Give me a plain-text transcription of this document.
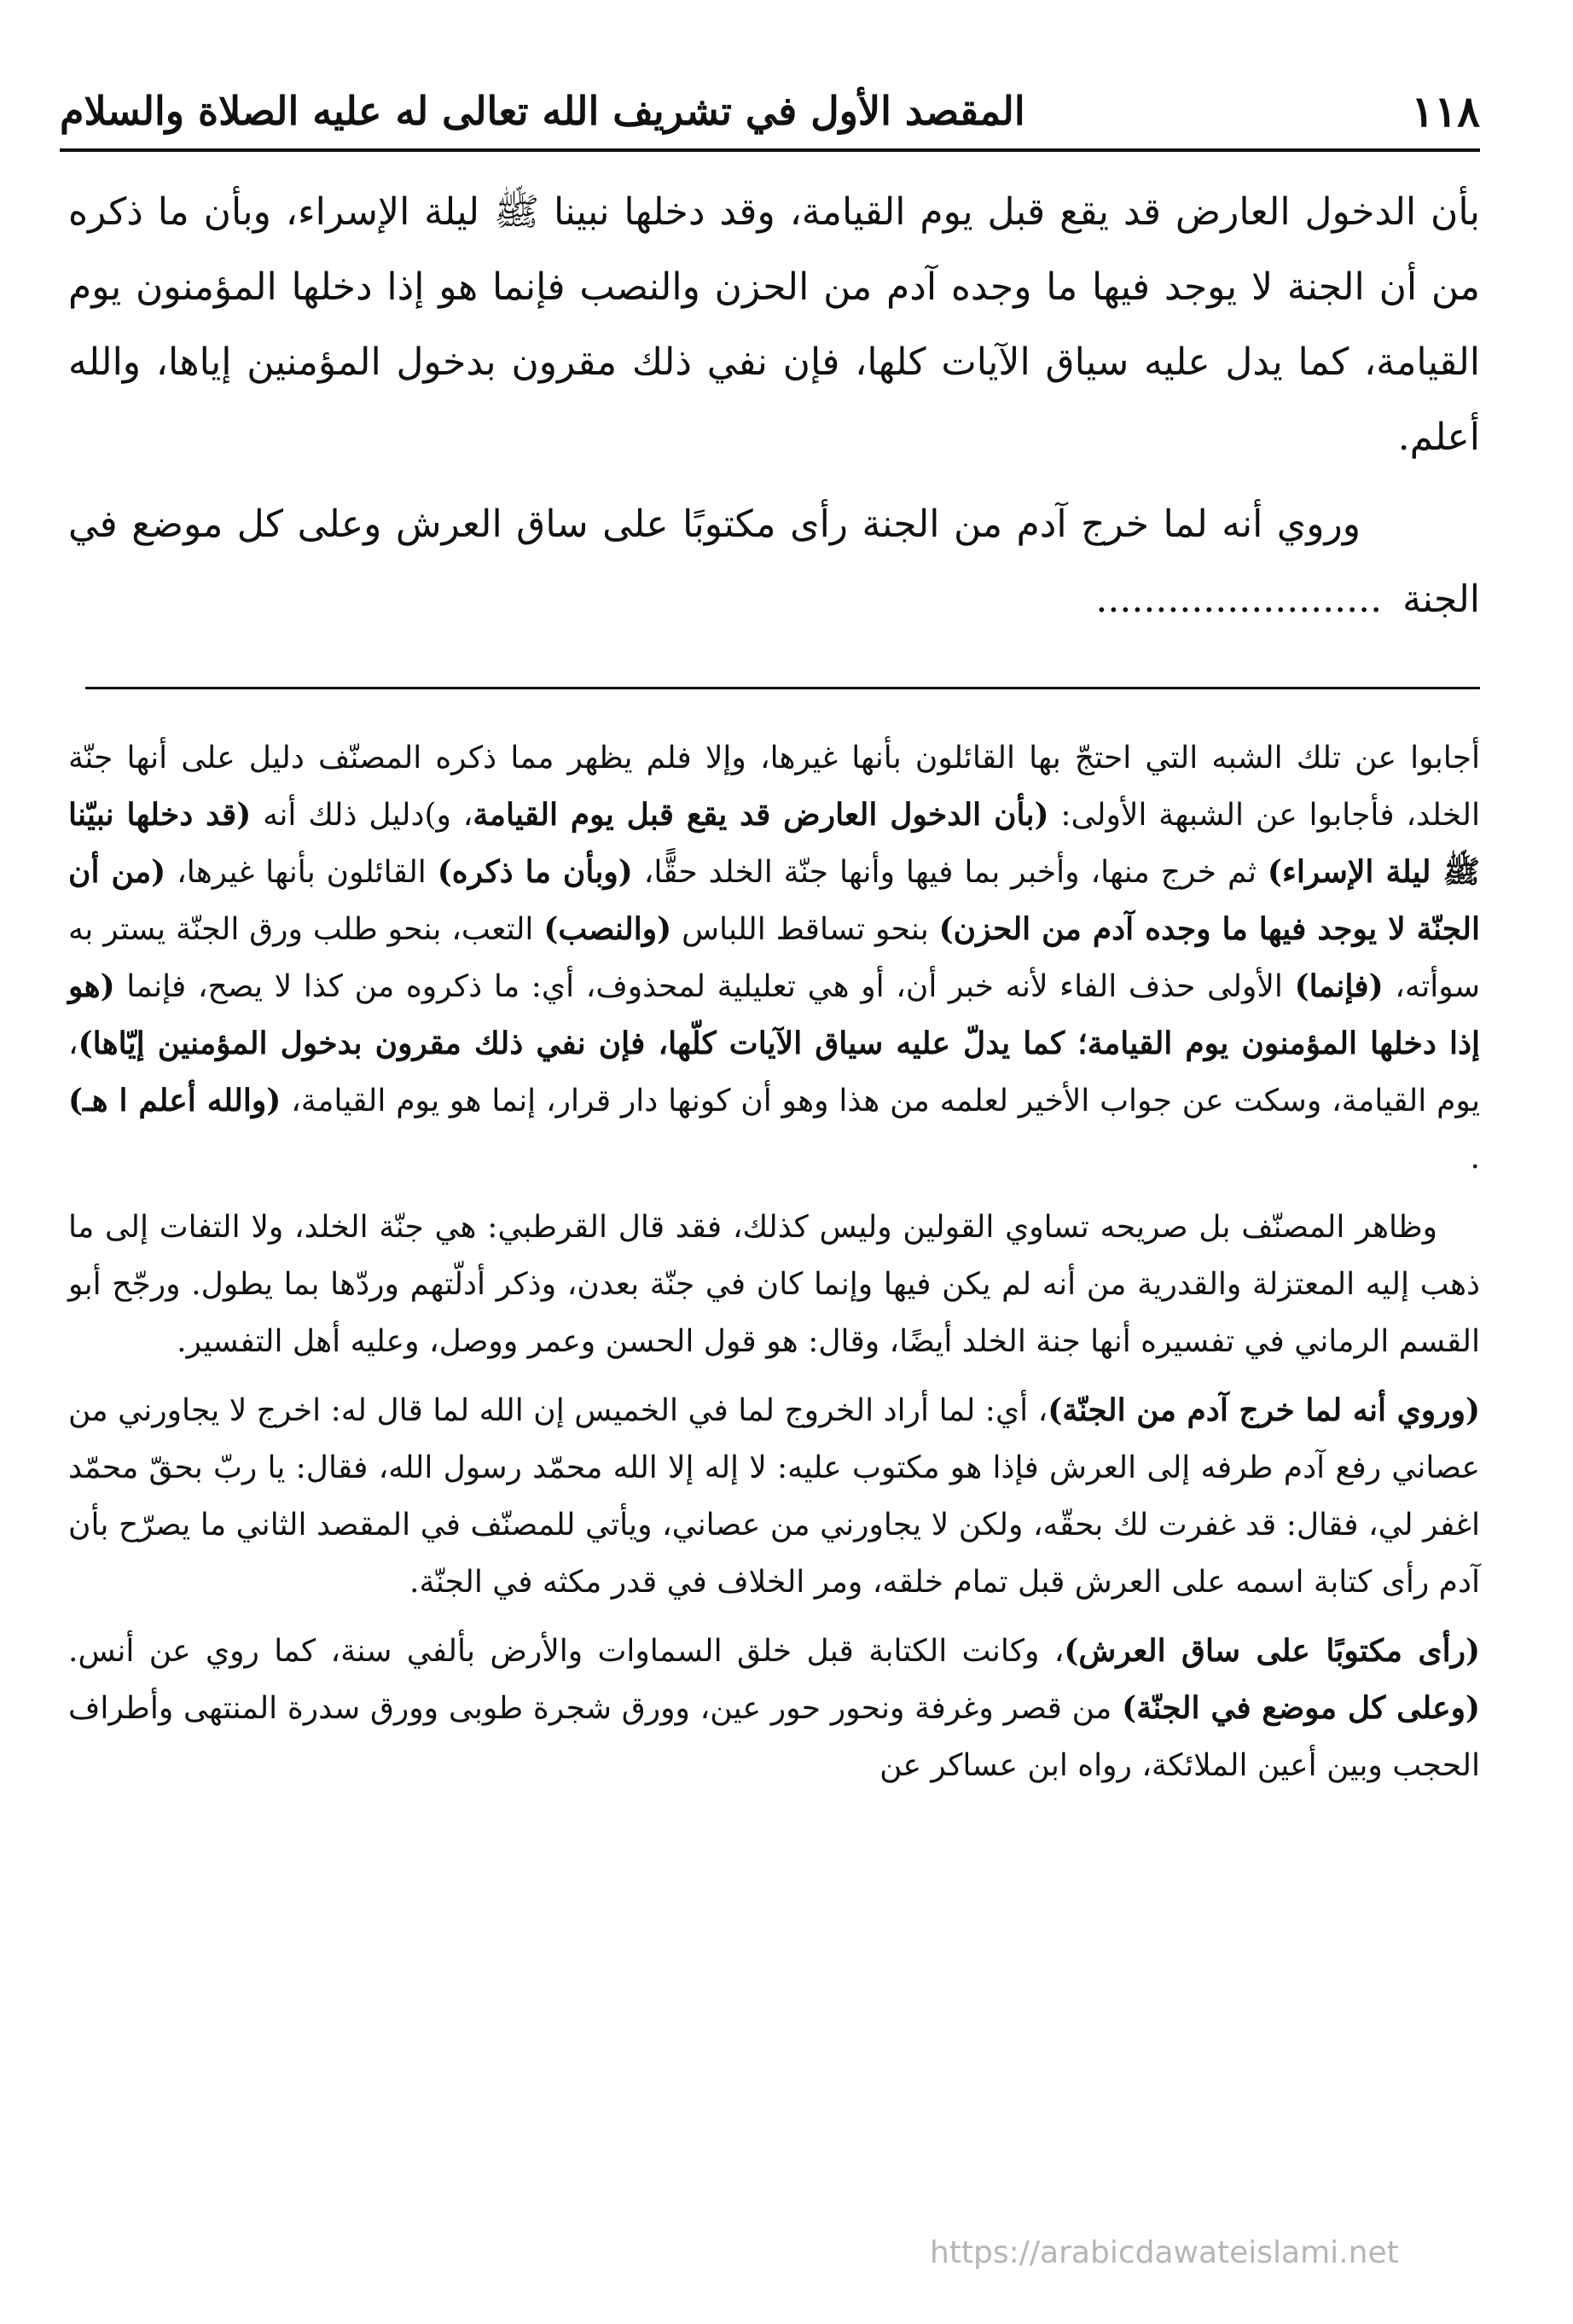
١١٨
المقصد الأول في تشريف الله تعالى له عليه الصلاة والسلام

بأن الدخول العارض قد يقع قبل يوم القيامة، وقد دخلها نبينا ﷺ ليلة الإسراء، وبأن ما ذكره من أن الجنة لا يوجد فيها ما وجده آدم من الحزن والنصب فإنما هو إذا دخلها المؤمنون يوم القيامة، كما يدل عليه سياق الآيات كلها، فإن نفي ذلك مقرون بدخول المؤمنين إياها، والله أعلم.

وروي أنه لما خرج آدم من الجنة رأى مكتوبًا على ساق العرش وعلى كل موضع في الجنة........................

أجابوا عن تلك الشبه التي احتجّ بها القائلون بأنها غيرها، وإلا فلم يظهر مما ذكره المصنّف دليل على أنها جنّة الخلد، فأجابوا عن الشبهة الأولى: (بأن الدخول العارض قد يقع قبل يوم القيامة، و)دليل ذلك أنه (قد دخلها نبيّنا ﷺ ليلة الإسراء) ثم خرج منها، وأخبر بما فيها وأنها جنّة الخلد حقًّا، (وبأن ما ذكره) القائلون بأنها غيرها، (من أن الجنّة لا يوجد فيها ما وجده آدم من الحزن) بنحو تساقط اللباس (والنصب) التعب، بنحو طلب ورق الجنّة يستر به سوأته، (فإنما) الأولى حذف الفاء لأنه خبر أن، أو هي تعليلية لمحذوف، أي: ما ذكروه من كذا لا يصح، فإنما (هو إذا دخلها المؤمنون يوم القيامة؛ كما يدلّ عليه سياق الآيات كلّها، فإن نفي ذلك مقرون بدخول المؤمنين إيّاها)، يوم القيامة، وسكت عن جواب الأخير لعلمه من هذا وهو أن كونها دار قرار، إنما هو يوم القيامة، (والله أعلم ا هـ) .

وظاهر المصنّف بل صريحه تساوي القولين وليس كذلك، فقد قال القرطبي: هي جنّة الخلد، ولا التفات إلى ما ذهب إليه المعتزلة والقدرية من أنه لم يكن فيها وإنما كان في جنّة بعدن، وذكر أدلّتهم وردّها بما يطول. ورجّح أبو القسم الرماني في تفسيره أنها جنة الخلد أيضًا، وقال: هو قول الحسن وعمر ووصل، وعليه أهل التفسير.

(وروي أنه لما خرج آدم من الجنّة)، أي: لما أراد الخروج لما في الخميس إن الله لما قال له: اخرج لا يجاورني من عصاني رفع آدم طرفه إلى العرش فإذا هو مكتوب عليه: لا إله إلا الله محمّد رسول الله، فقال: يا ربّ بحقّ محمّد اغفر لي، فقال: قد غفرت لك بحقّه، ولكن لا يجاورني من عصاني، ويأتي للمصنّف في المقصد الثاني ما يصرّح بأن آدم رأى كتابة اسمه على العرش قبل تمام خلقه، ومر الخلاف في قدر مكثه في الجنّة.

(رأى مكتوبًا على ساق العرش)، وكانت الكتابة قبل خلق السماوات والأرض بألفي سنة، كما روي عن أنس. (وعلى كل موضع في الجنّة) من قصر وغرفة ونحور حور عين، وورق شجرة طوبى وورق سدرة المنتهى وأطراف الحجب وبين أعين الملائكة، رواه ابن عساكر عن

https://arabicdawateislami.net
